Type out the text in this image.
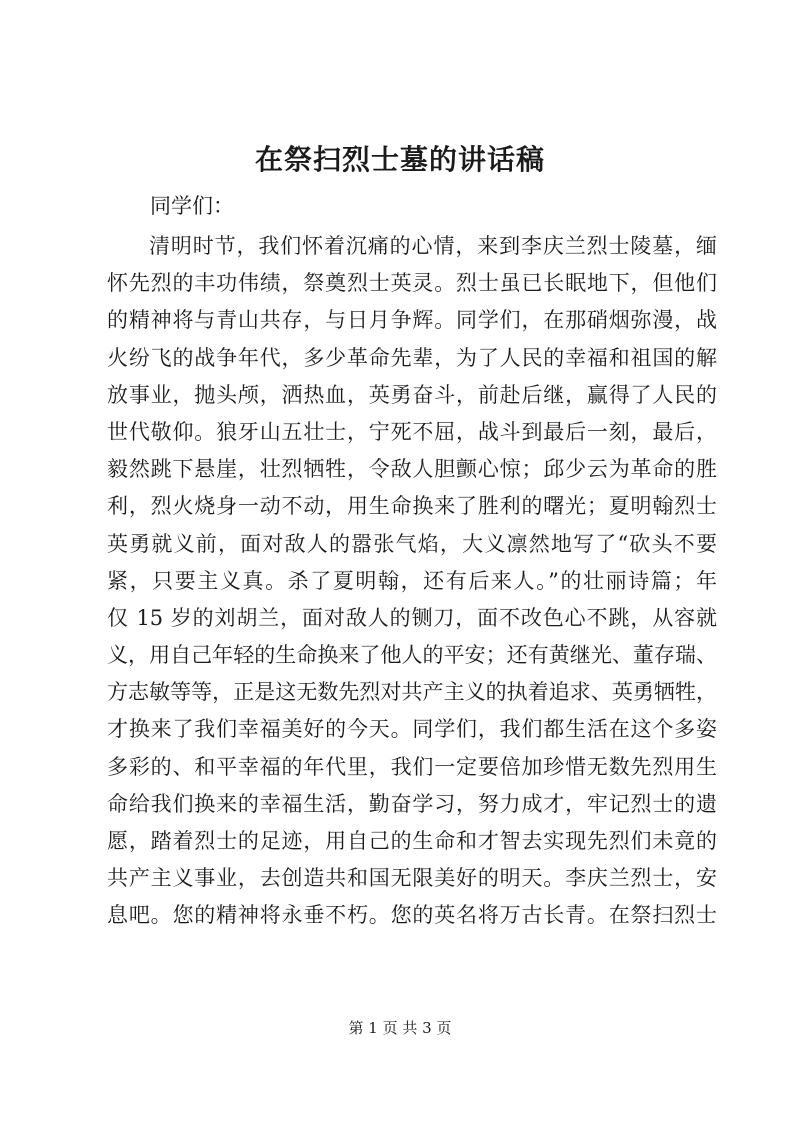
在祭扫烈士墓的讲话稿
同学们：
清明时节，我们怀着沉痛的心情，来到李庆兰烈士陵墓，缅
怀先烈的丰功伟绩，祭奠烈士英灵。烈士虽已长眠地下，但他们
的精神将与青山共存，与日月争辉。同学们，在那硝烟弥漫，战
火纷飞的战争年代，多少革命先辈，为了人民的幸福和祖国的解
放事业，抛头颅，洒热血，英勇奋斗，前赴后继，赢得了人民的
世代敬仰。狼牙山五壮士，宁死不屈，战斗到最后一刻，最后，
毅然跳下悬崖，壮烈牺牲，令敌人胆颤心惊；邱少云为革命的胜
利，烈火烧身一动不动，用生命换来了胜利的曙光；夏明翰烈士
英勇就义前，面对敌人的嚣张气焰，大义凛然地写了“砍头不要
紧，只要主义真。杀了夏明翰，还有后来人。”的壮丽诗篇；年
仅 15 岁的刘胡兰，面对敌人的铡刀，面不改色心不跳，从容就
义，用自己年轻的生命换来了他人的平安；还有黄继光、董存瑞、
方志敏等等，正是这无数先烈对共产主义的执着追求、英勇牺牲，
才换来了我们幸福美好的今天。同学们，我们都生活在这个多姿
多彩的、和平幸福的年代里，我们一定要倍加珍惜无数先烈用生
命给我们换来的幸福生活，勤奋学习，努力成才，牢记烈士的遗
愿，踏着烈士的足迹，用自己的生命和才智去实现先烈们未竟的
共产主义事业，去创造共和国无限美好的明天。李庆兰烈士，安
息吧。您的精神将永垂不朽。您的英名将万古长青。在祭扫烈士
第 1 页 共 3 页
